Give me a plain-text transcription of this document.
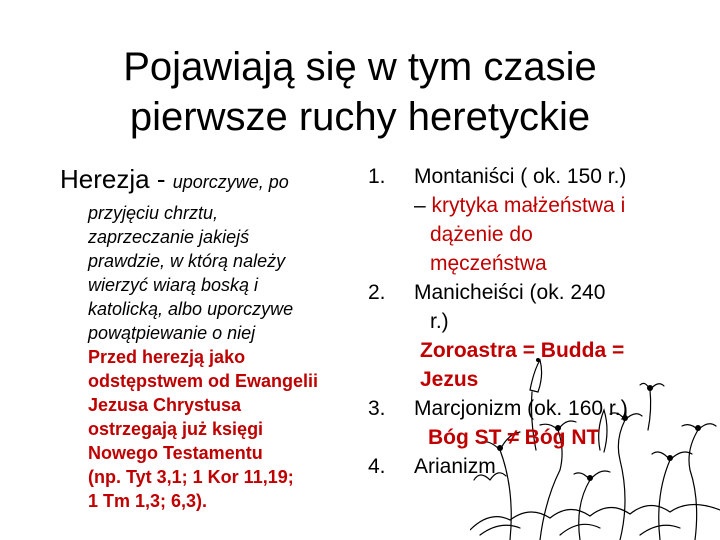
Pojawiają się w tym czasie
pierwsze ruchy heretyckie
Herezja - uporczywe, po
przyjęciu chrztu,
zaprzeczanie jakiejś
prawdzie, w którą należy
wierzyć wiarą boską i
katolicką, albo uporczywe
powątpiewanie o niej
Przed herezją jako
odstępstwem od Ewangelii
Jezusa Chrystusa
ostrzegają już księgi
Nowego Testamentu
(np. Tyt 3,1; 1 Kor 11,19;
1 Tm 1,3; 6,3).
1. Montaniści ( ok. 150 r.)
– krytyka małżeństwa i
dążenie do
męczeństwa
2. Manicheiści (ok. 240
r.)
Zoroastra = Budda =
Jezus
3. Marcjonizm (ok. 160 r.)
Bóg ST ≠ Bóg NT
4. Arianizm
